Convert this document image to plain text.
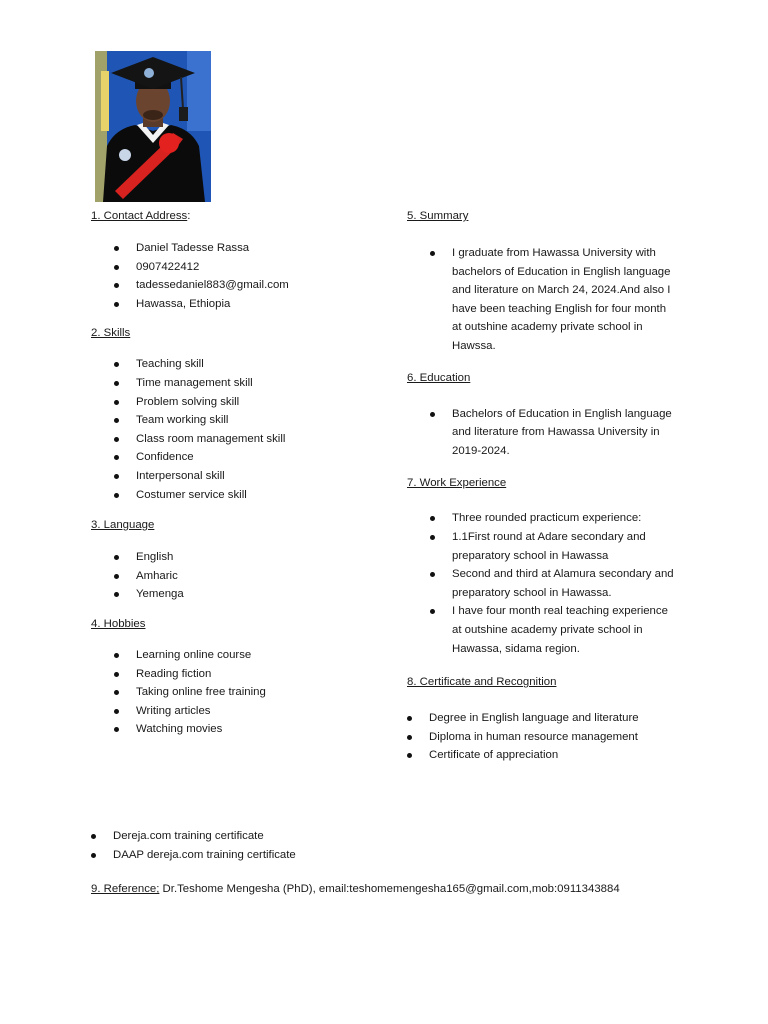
1. Contact Address:

Daniel Tadesse Rassa
0907422412
tadessedaniel883@gmail.com
Hawassa, Ethiopia

2. Skills

Teaching skill
Time management skill
Problem solving skill
Team working skill
Class room management skill
Confidence
Interpersonal skill
Costumer service skill

3. Language

English
Amharic
Yemenga

4. Hobbies

Learning online course
Reading fiction
Taking online free training
Writing articles
Watching movies

5. Summary

I graduate from Hawassa University with
bachelors of Education in English language
and literature on March 24, 2024.And also I
have been teaching English for four month
at outshine academy private school in
Hawssa.

6. Education

Bachelors of Education in English language
and literature from Hawassa University in
2019-2024.

7. Work Experience

Three rounded practicum experience:
1.1First round at Adare secondary and
preparatory school in Hawassa
Second and third at Alamura secondary and
preparatory school in Hawassa.
I have four month real teaching experience
at outshine academy private school in
Hawassa, sidama region.

8. Certificate and Recognition

Degree in English language and literature
Diploma in human resource management
Certificate of appreciation
Dereja.com training certificate
DAAP dereja.com training certificate
9. Reference; Dr.Teshome Mengesha (PhD), email:teshomemengesha165@gmail.com,mob:0911343884
